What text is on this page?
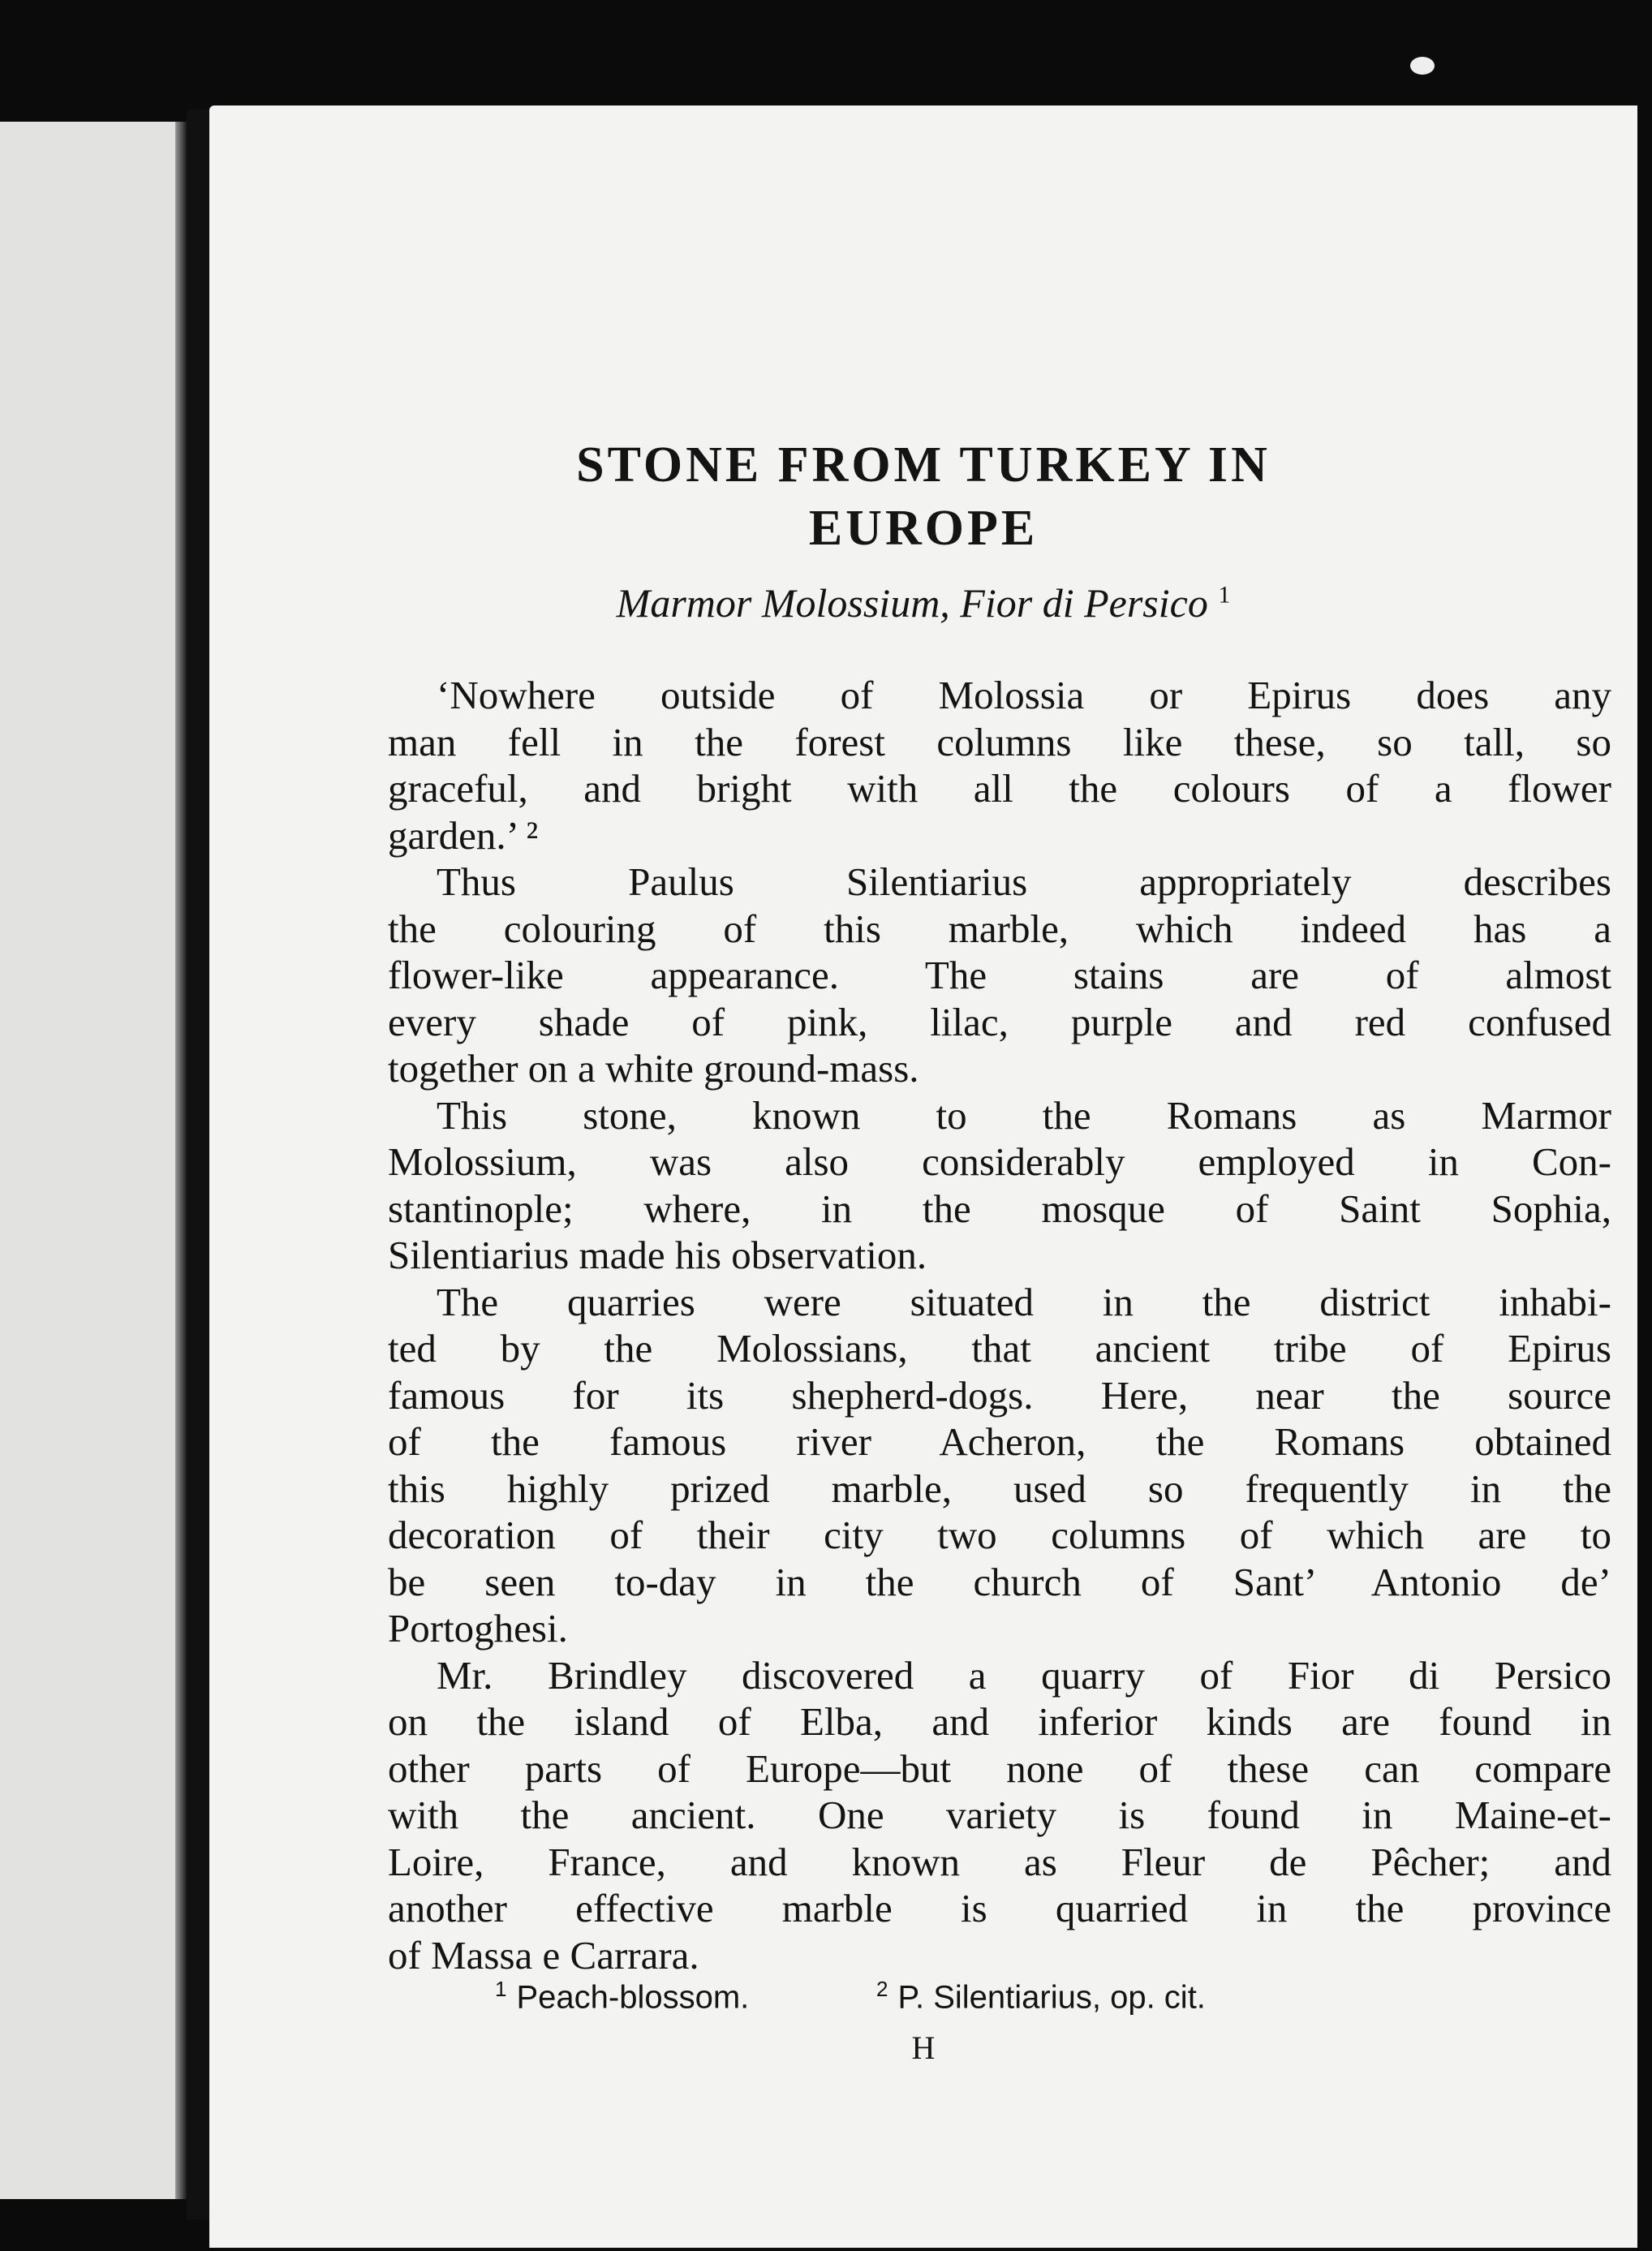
STONE FROM TURKEY IN
EUROPE
Marmor Molossium, Fior di Persico $^1$
‘Nowhere outside of Molossia or Epirus does any
man fell in the forest columns like these, so tall, so
graceful, and bright with all the colours of a flower
garden.’ ²
Thus Paulus Silentiarius appropriately describes
the colouring of this marble, which indeed has a
flower-like appearance. The stains are of almost
every shade of pink, lilac, purple and red confused
together on a white ground-mass.
This stone, known to the Romans as Marmor
Molossium, was also considerably employed in Con-
stantinople; where, in the mosque of Saint Sophia,
Silentiarius made his observation.
The quarries were situated in the district inhabi-
ted by the Molossians, that ancient tribe of Epirus
famous for its shepherd-dogs. Here, near the source
of the famous river Acheron, the Romans obtained
this highly prized marble, used so frequently in the
decoration of their city two columns of which are to
be seen to-day in the church of Sant’ Antonio de’
Portoghesi.
Mr. Brindley discovered a quarry of Fior di Persico
on the island of Elba, and inferior kinds are found in
other parts of Europe—but none of these can compare
with the ancient. One variety is found in Maine-et-
Loire, France, and known as Fleur de Pêcher; and
another effective marble is quarried in the province
of Massa e Carrara.
$^1$ Peach-blossom.	$^2$ P. Silentiarius, op. cit.
H
